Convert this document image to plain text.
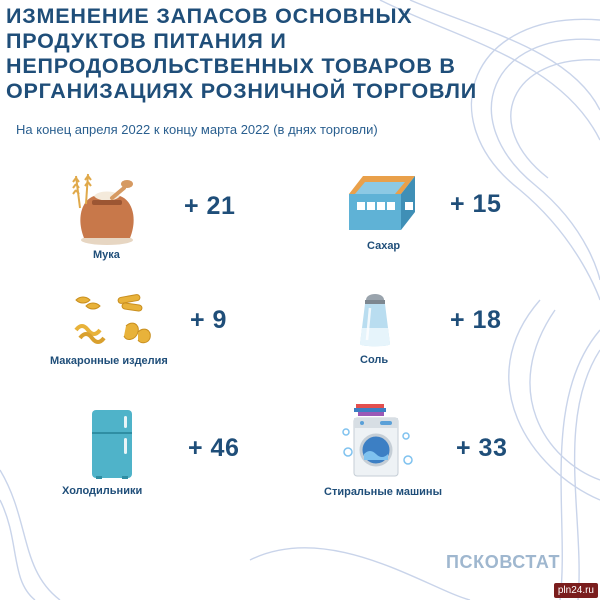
ИЗМЕНЕНИЕ ЗАПАСОВ ОСНОВНЫХ
ПРОДУКТОВ ПИТАНИЯ И
НЕПРОДОВОЛЬСТВЕННЫХ ТОВАРОВ В
ОРГАНИЗАЦИЯХ РОЗНИЧНОЙ ТОРГОВЛИ
На конец апреля 2022 к концу марта 2022 (в днях торговли)
Мука
+ 21
Сахар
+ 15
Макаронные изделия
+ 9
Соль
+ 18
Холодильники
+ 46
Стиральные машины
+ 33
ПСКОВСТАТ
pln24.ru
